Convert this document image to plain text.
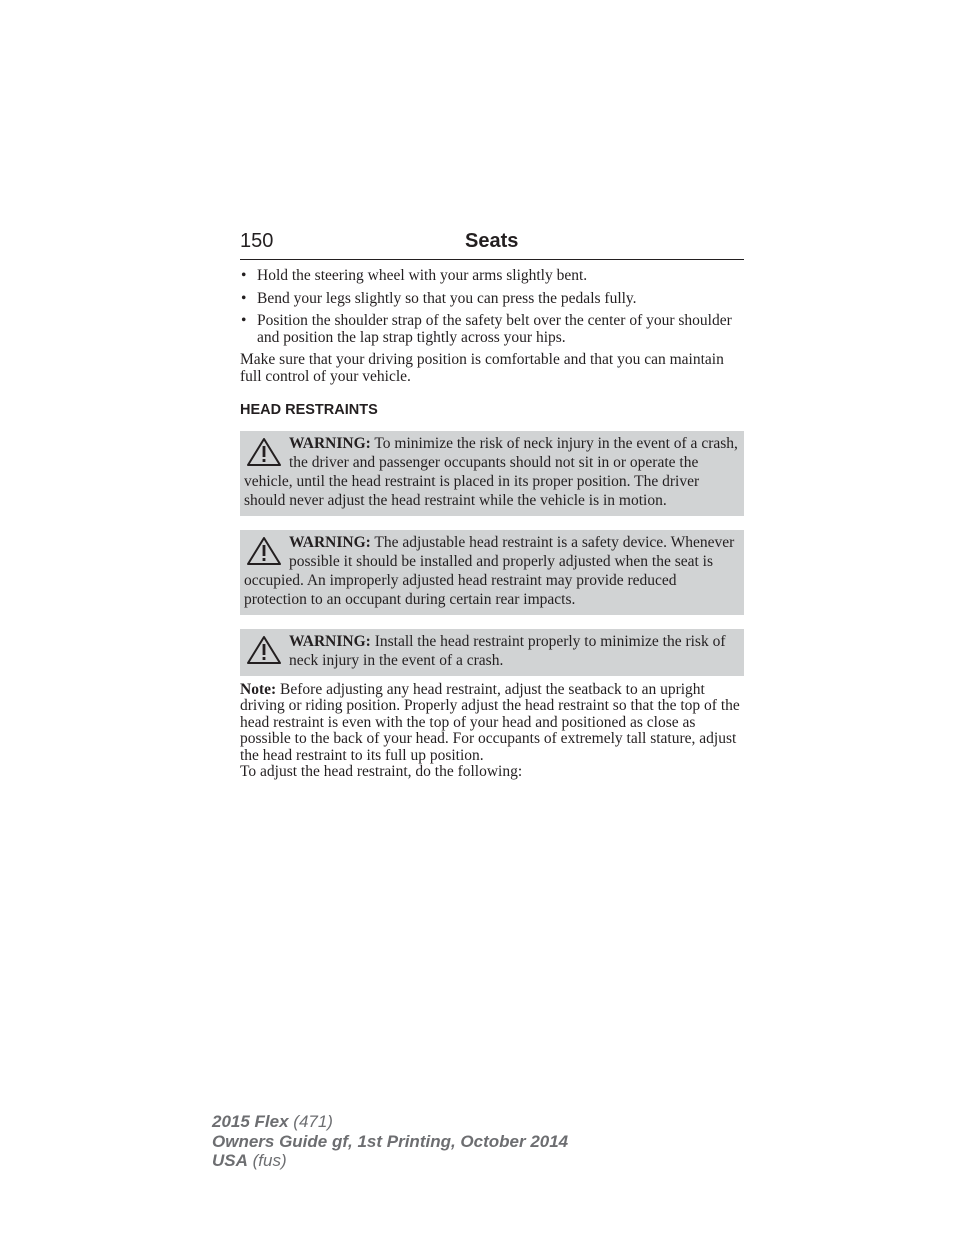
150	Seats
• Hold the steering wheel with your arms slightly bent.
• Bend your legs slightly so that you can press the pedals fully.
• Position the shoulder strap of the safety belt over the center of your shoulder and position the lap strap tightly across your hips.

Make sure that your driving position is comfortable and that you can maintain full control of your vehicle.

HEAD RESTRAINTS
WARNING: To minimize the risk of neck injury in the event of a crash, the driver and passenger occupants should not sit in or operate the vehicle, until the head restraint is placed in its proper position. The driver should never adjust the head restraint while the vehicle is in motion.
WARNING: The adjustable head restraint is a safety device. Whenever possible it should be installed and properly adjusted when the seat is occupied. An improperly adjusted head restraint may provide reduced protection to an occupant during certain rear impacts.
WARNING: Install the head restraint properly to minimize the risk of neck injury in the event of a crash.

Note: Before adjusting any head restraint, adjust the seatback to an upright driving or riding position. Properly adjust the head restraint so that the top of the head restraint is even with the top of your head and positioned as close as possible to the back of your head. For occupants of extremely tall stature, adjust the head restraint to its full up position.

To adjust the head restraint, do the following:

2015 Flex (471)
Owners Guide gf, 1st Printing, October 2014
USA (fus)
